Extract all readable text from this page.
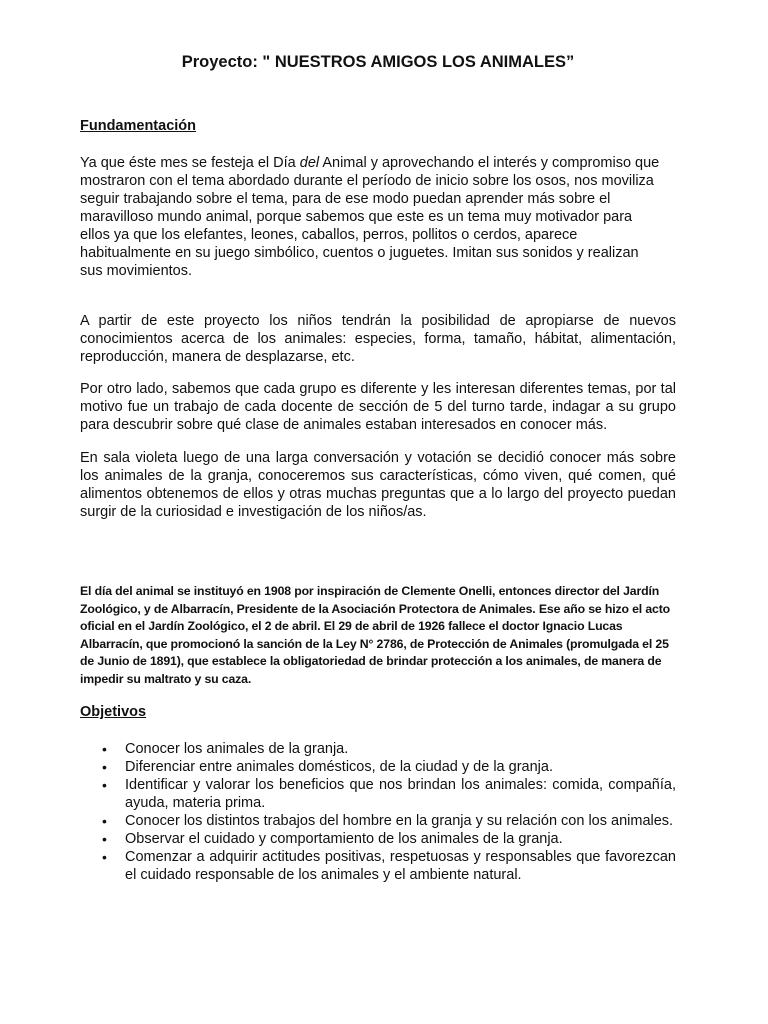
Proyecto: " NUESTROS AMIGOS LOS ANIMALES”
Fundamentación

Ya que éste mes se festeja el Día del Animal y aprovechando el interés y compromiso que mostraron con el tema abordado durante el período de inicio sobre los osos, nos moviliza seguir trabajando sobre el tema, para de ese modo puedan aprender más sobre el maravilloso mundo animal, porque sabemos que este es un tema muy motivador para ellos ya que los elefantes, leones, caballos, perros, pollitos o cerdos, aparece habitualmente en su juego simbólico, cuentos o juguetes. Imitan sus sonidos y realizan sus movimientos.

A partir de este proyecto los niños tendrán la posibilidad de apropiarse de nuevos conocimientos acerca de los animales: especies, forma, tamaño, hábitat, alimentación, reproducción, manera de desplazarse, etc.

Por otro lado, sabemos que cada grupo es diferente y les interesan diferentes temas, por tal motivo fue un trabajo de cada docente de sección de 5 del turno tarde, indagar a su grupo para descubrir sobre qué clase de animales estaban interesados en conocer más.

En sala violeta luego de una larga conversación y votación se decidió conocer más sobre los animales de la granja, conoceremos sus características, cómo viven, qué comen, qué alimentos obtenemos de ellos y otras muchas preguntas que a lo largo del proyecto puedan surgir de la curiosidad e investigación de los niños/as.

El día del animal se instituyó en 1908 por inspiración de Clemente Onelli, entonces director del Jardín Zoológico, y de Albarracín, Presidente de la Asociación Protectora de Animales. Ese año se hizo el acto oficial en el Jardín Zoológico, el 2 de abril. El 29 de abril de 1926 fallece el doctor Ignacio Lucas Albarracín, que promocionó la sanción de la Ley N° 2786, de Protección de Animales (promulgada el 25 de Junio de 1891), que establece la obligatoriedad de brindar protección a los animales, de manera de impedir su maltrato y su caza.

Objetivos
• Conocer los animales de la granja.
• Diferenciar entre animales domésticos, de la ciudad y de la granja.
• Identificar y valorar los beneficios que nos brindan los animales: comida, compañía, ayuda, materia prima.
• Conocer los distintos trabajos del hombre en la granja y su relación con los animales.
• Observar el cuidado y comportamiento de los animales de la granja.
• Comenzar a adquirir actitudes positivas, respetuosas y responsables que favorezcan el cuidado responsable de los animales y el ambiente natural.
